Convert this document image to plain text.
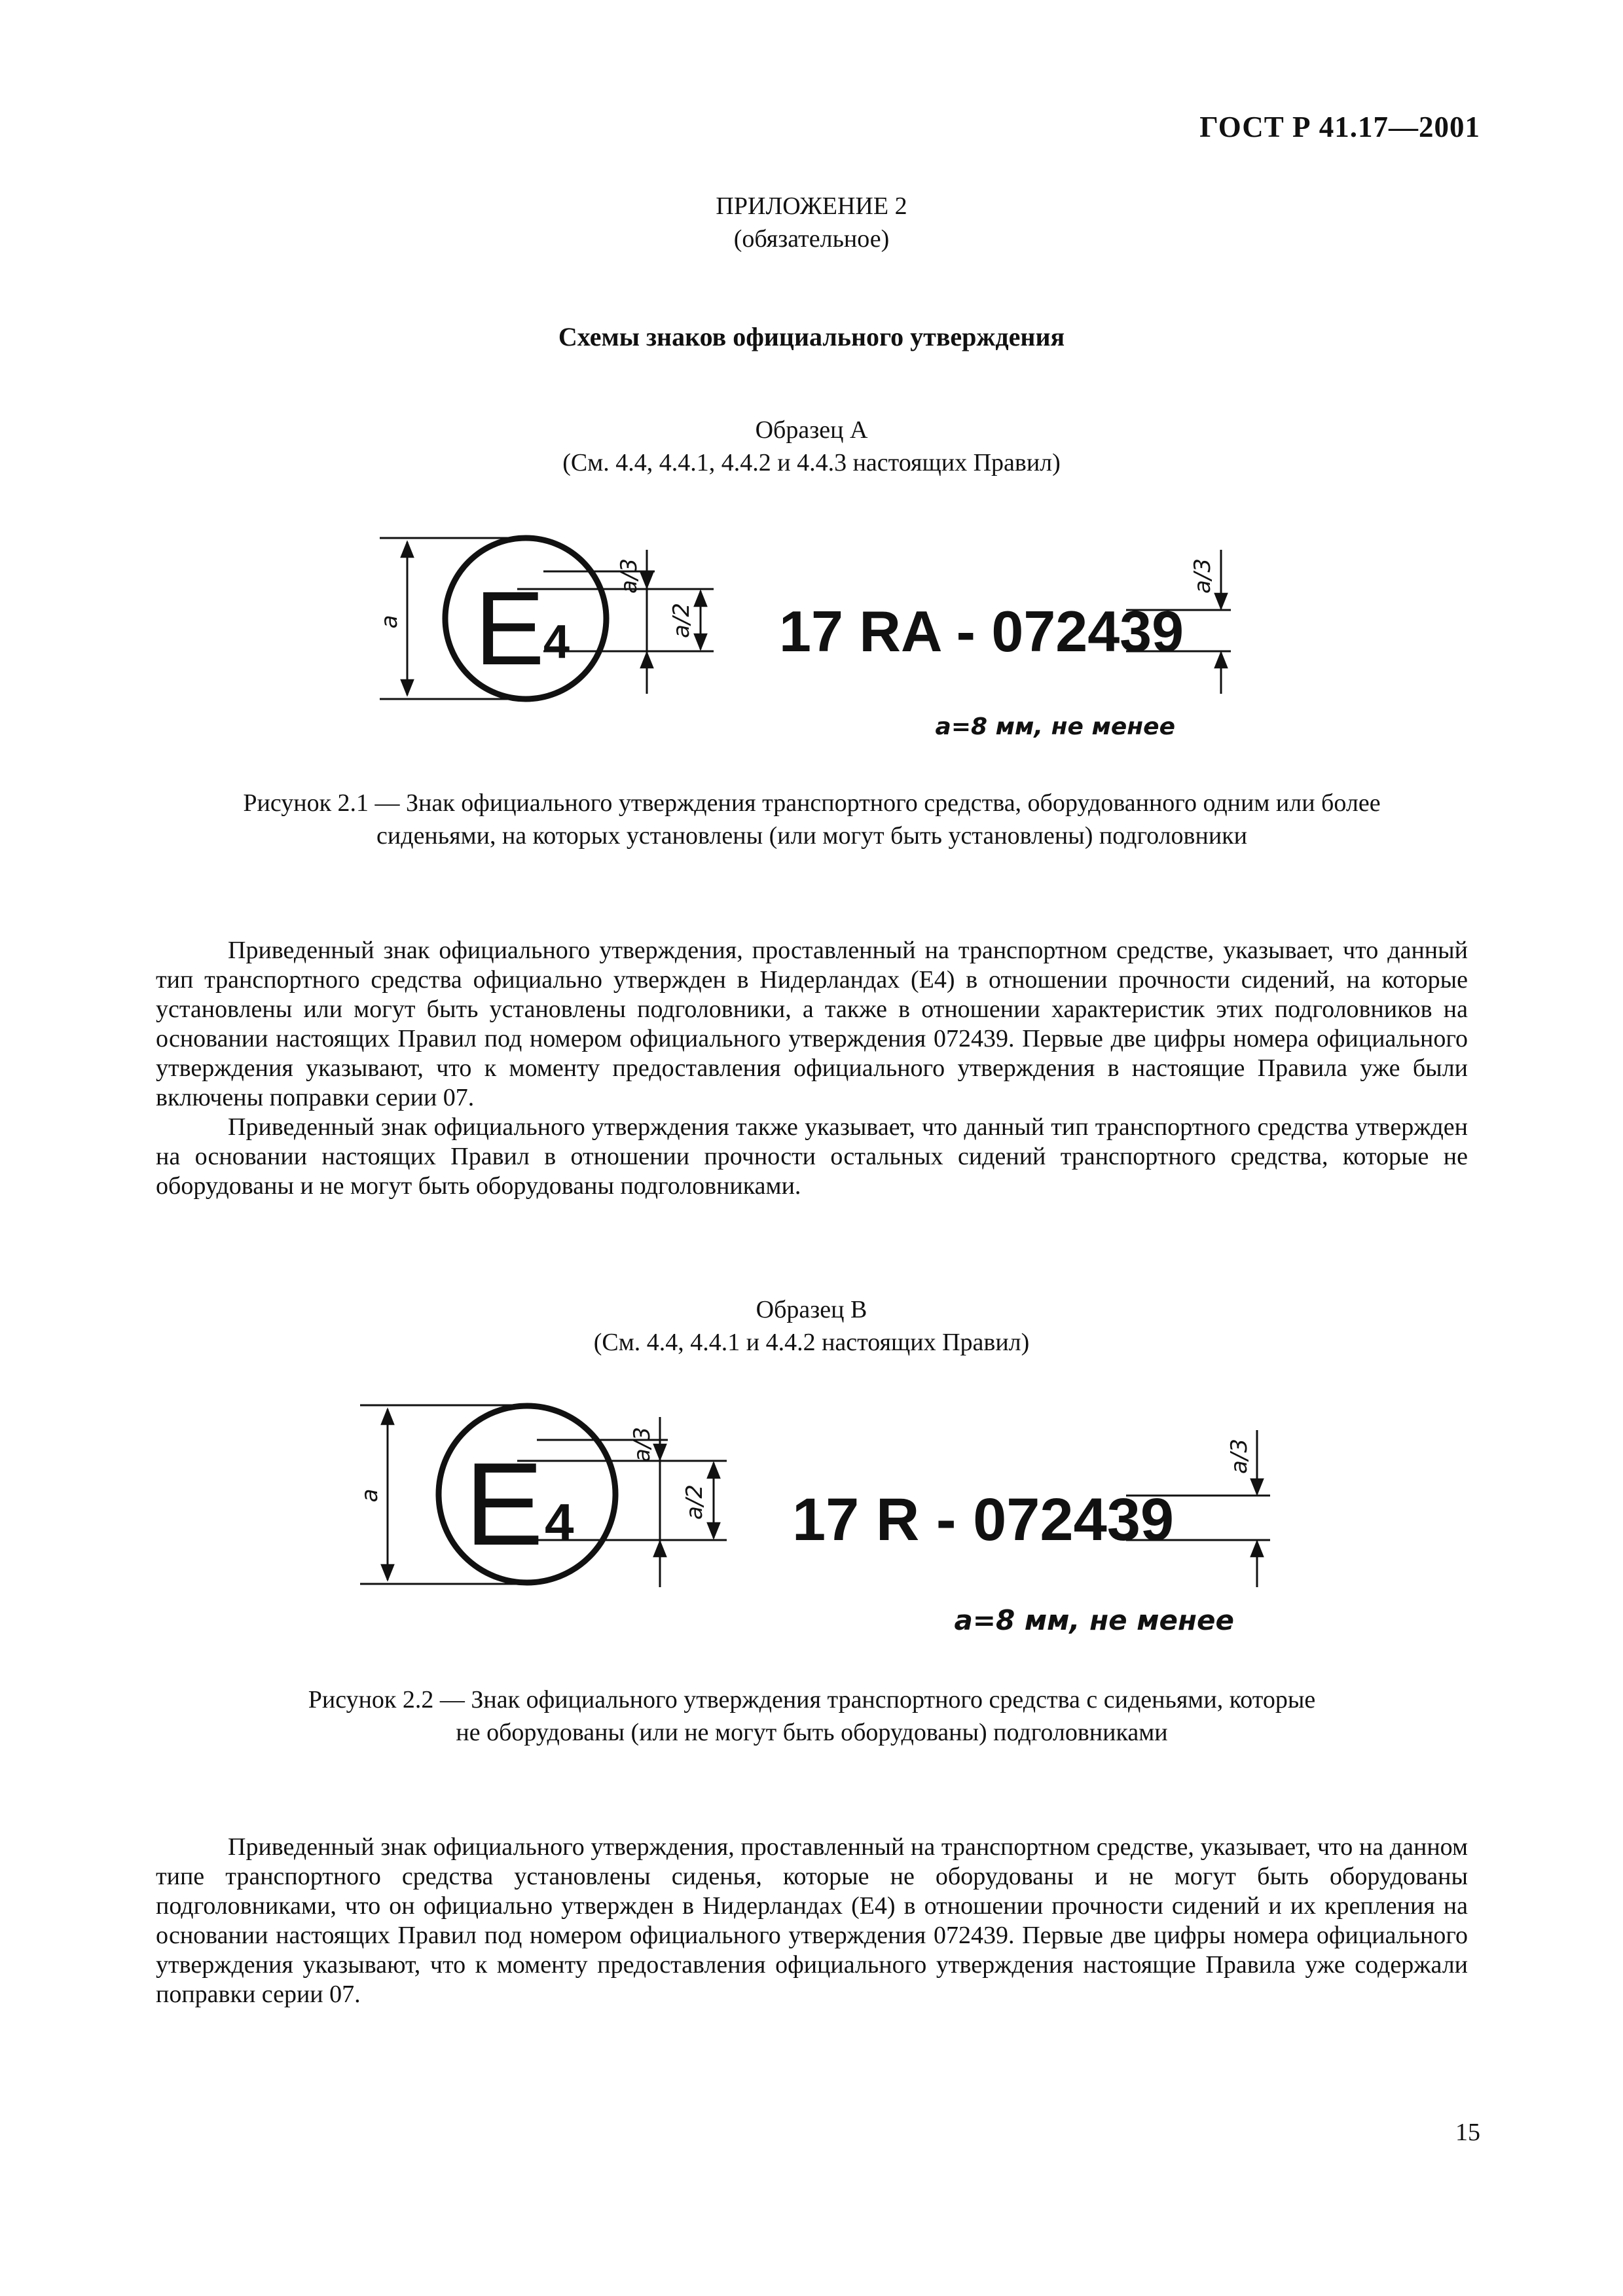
ГОСТ Р 41.17—2001
ПРИЛОЖЕНИЕ 2
(обязательное)
Схемы знаков официального утверждения
Образец А
(См. 4.4, 4.4.1, 4.4.2 и 4.4.3 настоящих Правил)
a E
4
a/3
a/2 17 RA - 072439
a/3
a=8 мм, не менее
Рисунок 2.1 — Знак официального утверждения транспортного средства, оборудованного одним или более
сиденьями, на которых установлены (или могут быть установлены) подголовники

Приведенный знак официального утверждения, проставленный на транспортном средстве, указывает, что данный тип транспортного средства официально утвержден в Нидерландах (E4) в отношении прочности сидений, на которые установлены или могут быть установлены подголовники, а также в отношении характеристик этих подголовников на основании настоящих Правил под номером официального утверждения 072439. Первые две цифры номера официального утверждения указывают, что к моменту предоставления официального утверждения в настоящие Правила уже были включены поправки серии 07.

Приведенный знак официального утверждения также указывает, что данный тип транспортного средства утвержден на основании настоящих Правил в отношении прочности остальных сидений транспортного средства, которые не оборудованы и не могут быть оборудованы подголовниками.

Образец В
(См. 4.4, 4.4.1 и 4.4.2 настоящих Правил)
a E 4
a/3
a/2 17 R - 072439
a/3
a=8 мм, не менее
Рисунок 2.2 — Знак официального утверждения транспортного средства с сиденьями, которые
не оборудованы (или не могут быть оборудованы) подголовниками

Приведенный знак официального утверждения, проставленный на транспортном средстве, указывает, что на данном типе транспортного средства установлены сиденья, которые не оборудованы и не могут быть оборудованы подголовниками, что он официально утвержден в Нидерландах (E4) в отношении прочности сидений и их крепления на основании настоящих Правил под номером официального утверждения 072439. Первые две цифры номера официального утверждения указывают, что к моменту предоставления официального утверждения настоящие Правила уже содержали поправки серии 07.

15
